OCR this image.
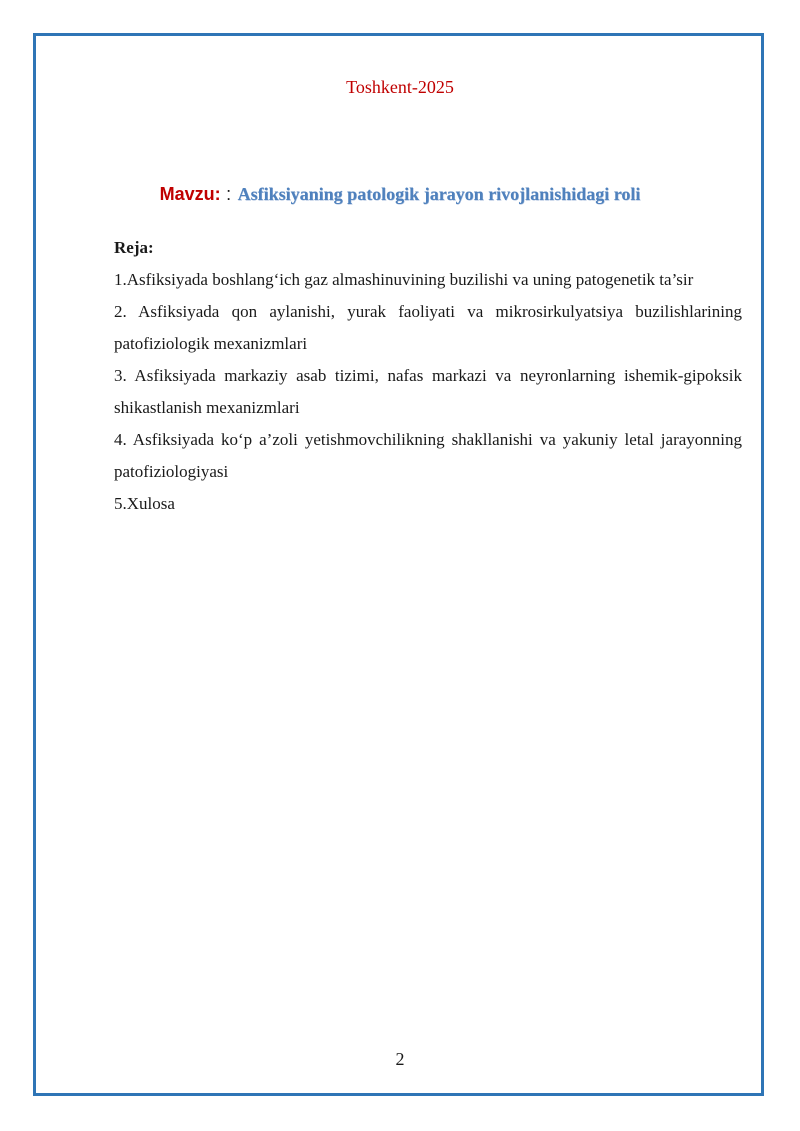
Toshkent-2025
Mavzu: : Asfiksiyaning patologik jarayon rivojlanishidagi roli
Reja:

1.Asfiksiyada boshlang‘ich gaz almashinuvining buzilishi va uning patogenetik ta’sir

2. Asfiksiyada qon aylanishi, yurak faoliyati va mikrosirkulyatsiya buzilishlarining patofiziologik mexanizmlari

3. Asfiksiyada markaziy asab tizimi, nafas markazi va neyronlarning ishemik-gipoksik shikastlanish mexanizmlari

4. Asfiksiyada ko‘p a’zoli yetishmovchilikning shakllanishi va yakuniy letal jarayonning patofiziologiyasi

5.Xulosa

2
